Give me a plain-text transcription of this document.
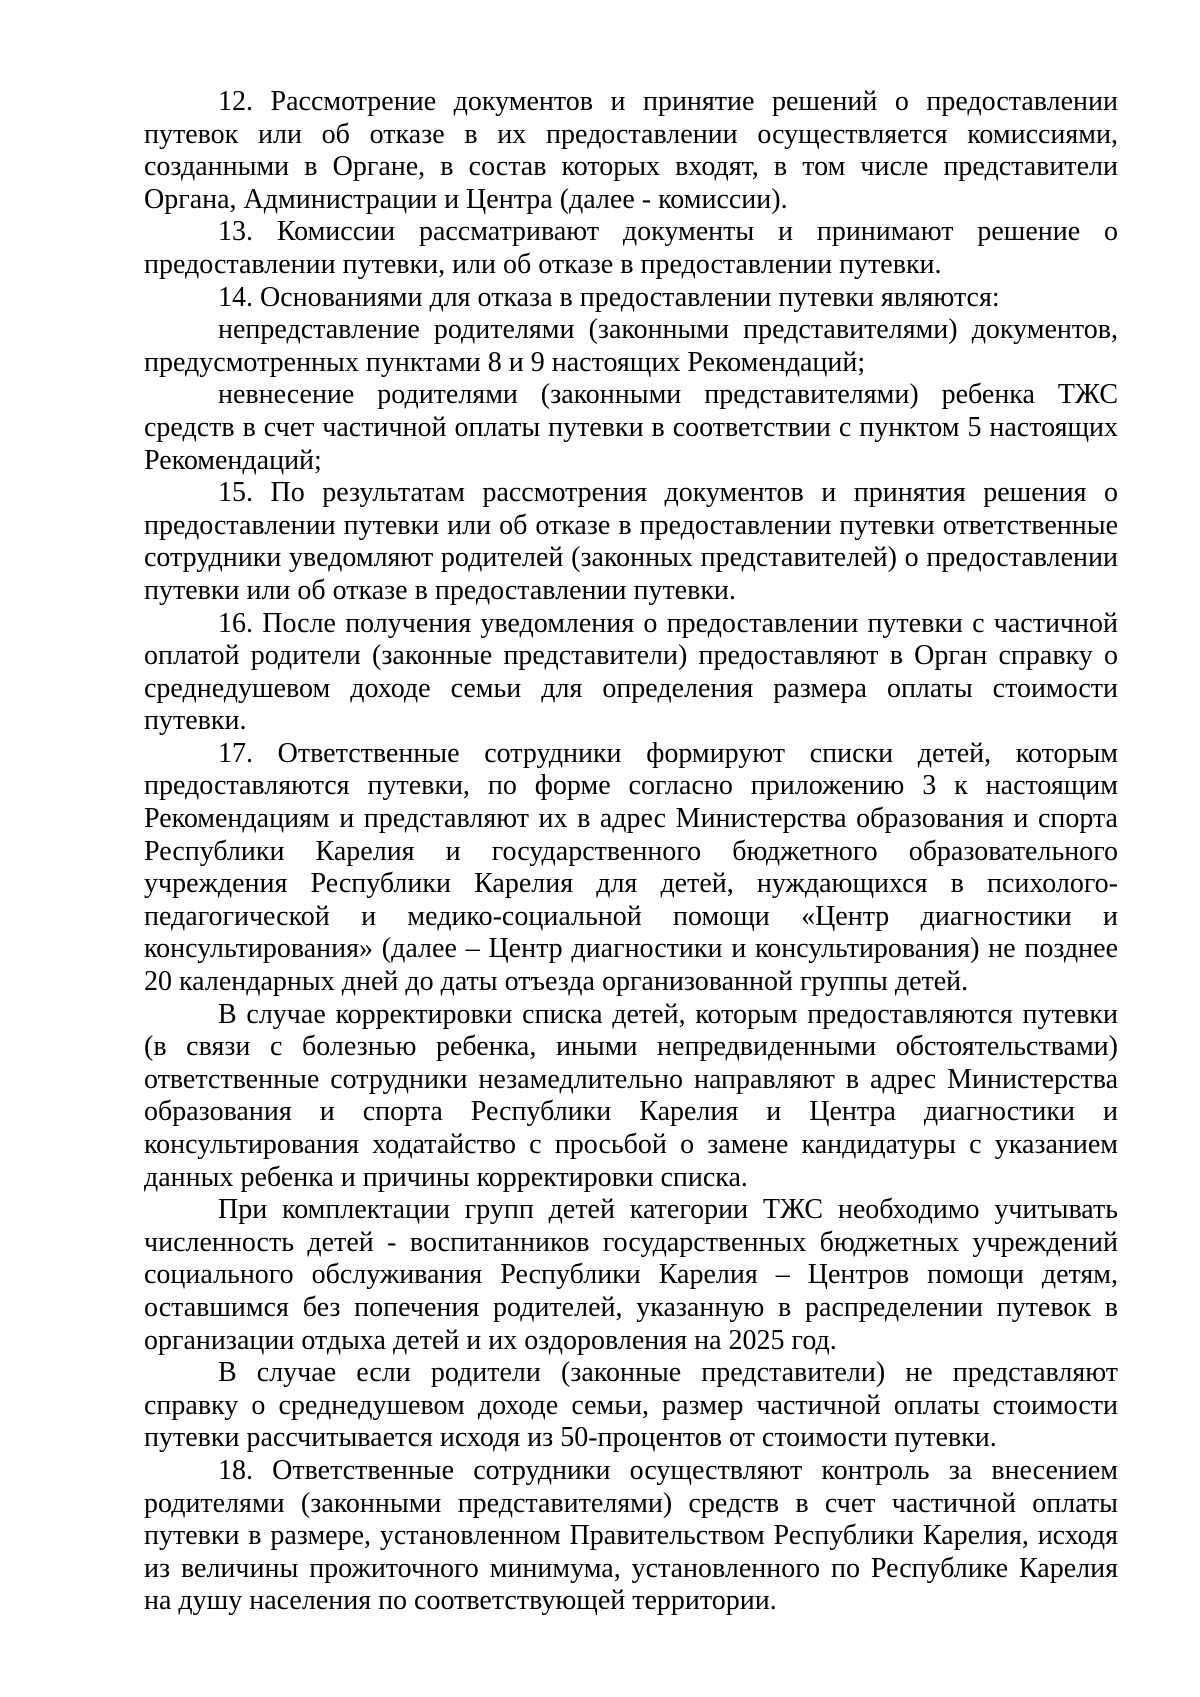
12. Рассмотрение документов и принятие решений о предоставлении путевок или об отказе в их предоставлении осуществляется комиссиями, созданными в Органе, в состав которых входят, в том числе представители Органа, Администрации и Центра (далее - комиссии).

13. Комиссии рассматривают документы и принимают решение о предоставлении путевки, или об отказе в предоставлении путевки.

14. Основаниями для отказа в предоставлении путевки являются:

непредставление родителями (законными представителями) документов, предусмотренных пунктами 8 и 9 настоящих Рекомендаций;

невнесение родителями (законными представителями) ребенка ТЖС средств в счет частичной оплаты путевки в соответствии с пунктом 5 настоящих Рекомендаций;

15. По результатам рассмотрения документов и принятия решения о предоставлении путевки или об отказе в предоставлении путевки ответственные сотрудники уведомляют родителей (законных представителей) о предоставлении путевки или об отказе в предоставлении путевки.

16. После получения уведомления о предоставлении путевки с частичной оплатой родители (законные представители) предоставляют в Орган справку о среднедушевом доходе семьи для определения размера оплаты стоимости путевки.

17. Ответственные сотрудники формируют списки детей, которым предоставляются путевки, по форме согласно приложению 3 к настоящим Рекомендациям и представляют их в адрес Министерства образования и спорта Республики Карелия и государственного бюджетного образовательного учреждения Республики Карелия для детей, нуждающихся в психолого-педагогической и медико-социальной помощи «Центр диагностики и консультирования» (далее – Центр диагностики и консультирования) не позднее 20 календарных дней до даты отъезда организованной группы детей.

В случае корректировки списка детей, которым предоставляются путевки (в связи с болезнью ребенка, иными непредвиденными обстоятельствами) ответственные сотрудники незамедлительно направляют в адрес Министерства образования и спорта Республики Карелия и Центра диагностики и консультирования ходатайство с просьбой о замене кандидатуры с указанием данных ребенка и причины корректировки списка.

При комплектации групп детей категории ТЖС необходимо учитывать численность детей - воспитанников государственных бюджетных учреждений социального обслуживания Республики Карелия – Центров помощи детям, оставшимся без попечения родителей, указанную в распределении путевок в организации отдыха детей и их оздоровления на 2025 год.

В случае если родители (законные представители) не представляют справку о среднедушевом доходе семьи, размер частичной оплаты стоимости путевки рассчитывается исходя из 50-процентов от стоимости путевки.

18. Ответственные сотрудники осуществляют контроль за внесением родителями (законными представителями) средств в счет частичной оплаты путевки в размере, установленном Правительством Республики Карелия, исходя из величины прожиточного минимума, установленного по Республике Карелия на душу населения по соответствующей территории.
